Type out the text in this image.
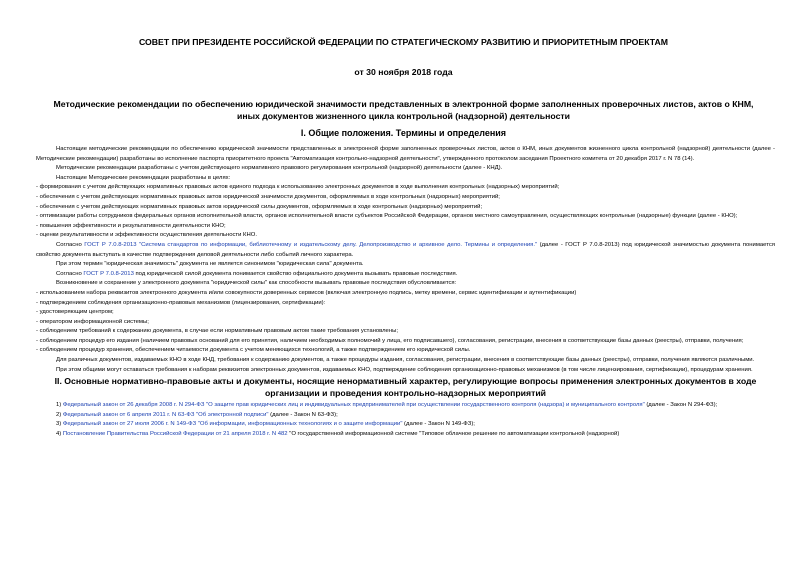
СОВЕТ ПРИ ПРЕЗИДЕНТЕ РОССИЙСКОЙ ФЕДЕРАЦИИ ПО СТРАТЕГИЧЕСКОМУ РАЗВИТИЮ И ПРИОРИТЕТНЫМ ПРОЕКТАМ
от 30 ноября 2018 года
Методические рекомендации по обеспечению юридической значимости представленных в электронной форме заполненных проверочных листов, актов о КНМ,
иных документов жизненного цикла контрольной (надзорной) деятельности
I. Общие положения. Термины и определения

Настоящие методические рекомендации по обеспечению юридической значимости представленных в электронной форме заполненных проверочных листов, актов о КНМ, иных документов жизненного цикла контрольной (надзорной) деятельности (далее - Методические рекомендации) разработаны во исполнение паспорта приоритетного проекта "Автоматизация контрольно-надзорной деятельности", утвержденного протоколом заседания Проектного комитета от 20 декабря 2017 г. N 78 (14).

Методические рекомендации разработаны с учетом действующего нормативного правового регулирования контрольной (надзорной) деятельности (далее - КНД).

Настоящие Методические рекомендации разработаны в целях:

- формирования с учетом действующих нормативных правовых актов единого подхода к использованию электронных документов в ходе выполнения контрольных (надзорных) мероприятий;

- обеспечения с учетом действующих нормативных правовых актов юридической значимости документов, оформляемых в ходе контрольных (надзорных) мероприятий;

- обеспечения с учетом действующих нормативных правовых актов юридической силы документов, оформляемых в ходе контрольных (надзорных) мероприятий;

- оптимизации работы сотрудников федеральных органов исполнительной власти, органов исполнительной власти субъектов Российской Федерации, органов местного самоуправления, осуществляющих контрольные (надзорные) функции (далее - КНО);

- повышения эффективности и результативности деятельности КНО;

- оценки результативности и эффективности осуществления деятельности КНО.

Согласно ГОСТ Р 7.0.8-2013 "Система стандартов по информации, библиотечному и издательскому делу. Делопроизводство и архивное дело. Термины и определения." (далее - ГОСТ Р 7.0.8-2013) под юридической значимостью документа понимается свойство документа выступать в качестве подтверждения деловой деятельности либо событий личного характера.

При этом термин "юридическая значимость" документа не является синонимом "юридическая сила" документа.

Согласно ГОСТ Р 7.0.8-2013 под юридической силой документа понимается свойство официального документа вызывать правовые последствия.

Возникновение и сохранение у электронного документа "юридической силы" как способности вызывать правовые последствия обусловливается:

- использованием набора реквизитов электронного документа и/или совокупности доверенных сервисов (включая электронную подпись, метку времени, сервис идентификации и аутентификации)

- подтверждением соблюдения организационно-правовых механизмов (лицензирования, сертификации):

- удостоверяющим центром;

- оператором информационной системы;

- соблюдением требований к содержанию документа, в случае если нормативным правовым актом такие требования установлены;

- соблюдением процедур его издания (наличием правовых оснований для его принятия, наличием необходимых полномочий у лица, его подписавшего), согласования, регистрации, внесения в соответствующие базы данных (реестры), отправки, получения;

- соблюдением процедур хранения, обеспечением читаемости документа с учетом меняющихся технологий, а также подтверждением его юридической силы.

Для различных документов, издаваемых КНО в ходе КНД, требования к содержанию документов, а также процедуры издания, согласования, регистрации, внесения в соответствующие базы данных (реестры), отправки, получения являются различными.

При этом общими могут оставаться требования к наборам реквизитов электронных документов, издаваемых КНО, подтверждение соблюдения организационно-правовых механизмов (в том числе лицензирования, сертификации), процедурам хранения.

II. Основные нормативно-правовые акты и документы, носящие ненормативный характер, регулирующие вопросы применения электронных документов в ходе организации и проведения контрольно-надзорных мероприятий

1) Федеральный закон от 26 декабря 2008 г. N 294-ФЗ "О защите прав юридических лиц и индивидуальных предпринимателей при осуществлении государственного контроля (надзора) и муниципального контроля" (далее - Закон N 294-ФЗ);

2) Федеральный закон от 6 апреля 2011 г. N 63-ФЗ "Об электронной подписи" (далее - Закон N 63-ФЗ);

3) Федеральный закон от 27 июля 2006 г. N 149-ФЗ "Об информации, информационных технологиях и о защите информации" (далее - Закон N 149-ФЗ);

4) Постановление Правительства Российской Федерации от 21 апреля 2018 г. N 482 "О государственной информационной системе "Типовое облачное решение по автоматизации контрольной (надзорной)
